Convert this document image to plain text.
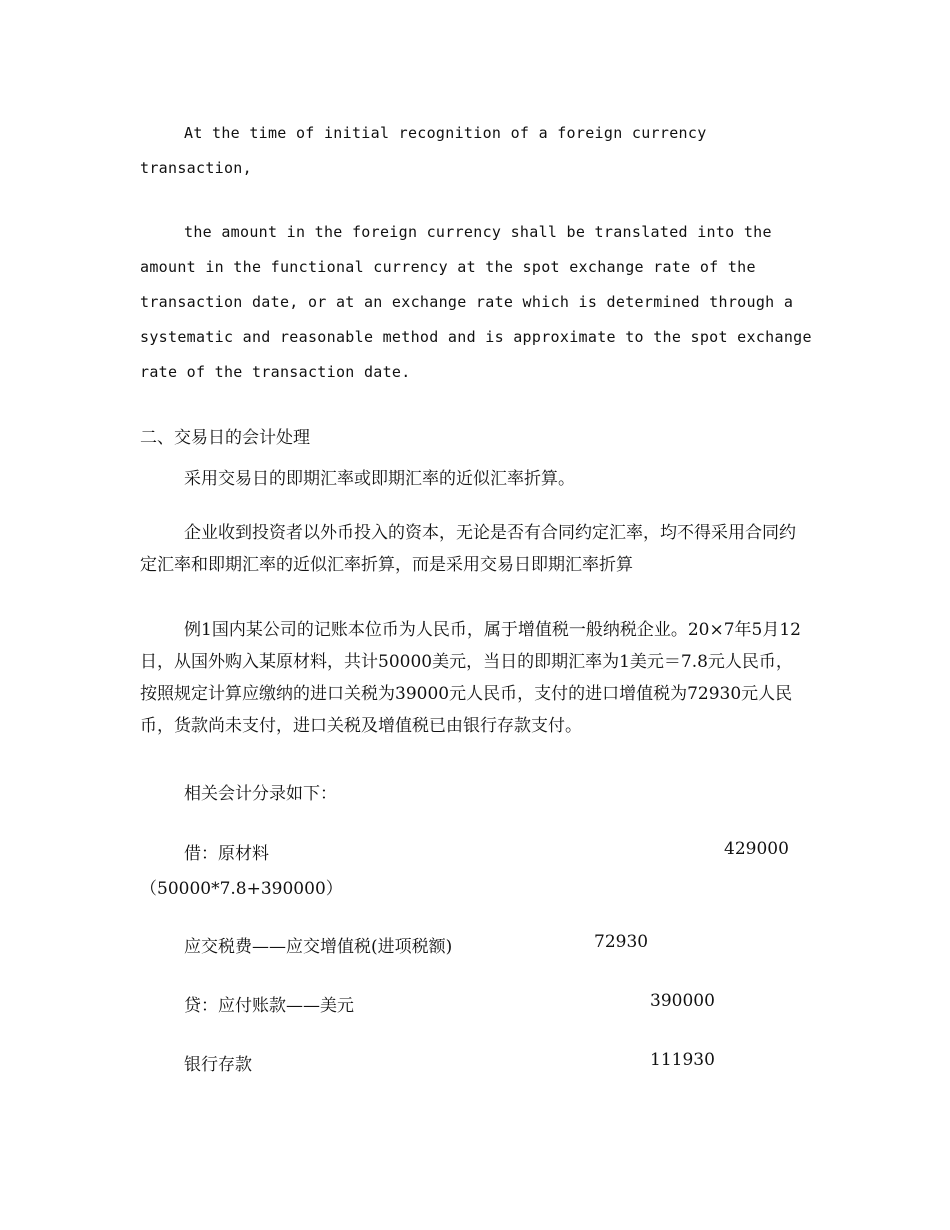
At the time of initial recognition of a foreign currency
transaction,

the amount in the foreign currency shall be translated into the amount in the functional currency at the spot exchange rate of the transaction date, or at an exchange rate which is determined through a systematic and reasonable method and is approximate to the spot exchange rate of the transaction date.

二、交易日的会计处理
采用交易日的即期汇率或即期汇率的近似汇率折算。

企业收到投资者以外币投入的资本，无论是否有合同约定汇率，均不得采用合同约定汇率和即期汇率的近似汇率折算，而是采用交易日即期汇率折算

例1国内某公司的记账本位币为人民币，属于增值税一般纳税企业。20×7年5月12日，从国外购入某原材料，共计50000美元，当日的即期汇率为1美元＝7.8元人民币，按照规定计算应缴纳的进口关税为39000元人民币，支付的进口增值税为72930元人民币，货款尚未支付，进口关税及增值税已由银行存款支付。

相关会计分录如下：
借：原材料	429000
（50000*7.8+390000）
应交税费——应交增值税(进项税额)	72930
贷：应付账款——美元	390000
银行存款	111930
